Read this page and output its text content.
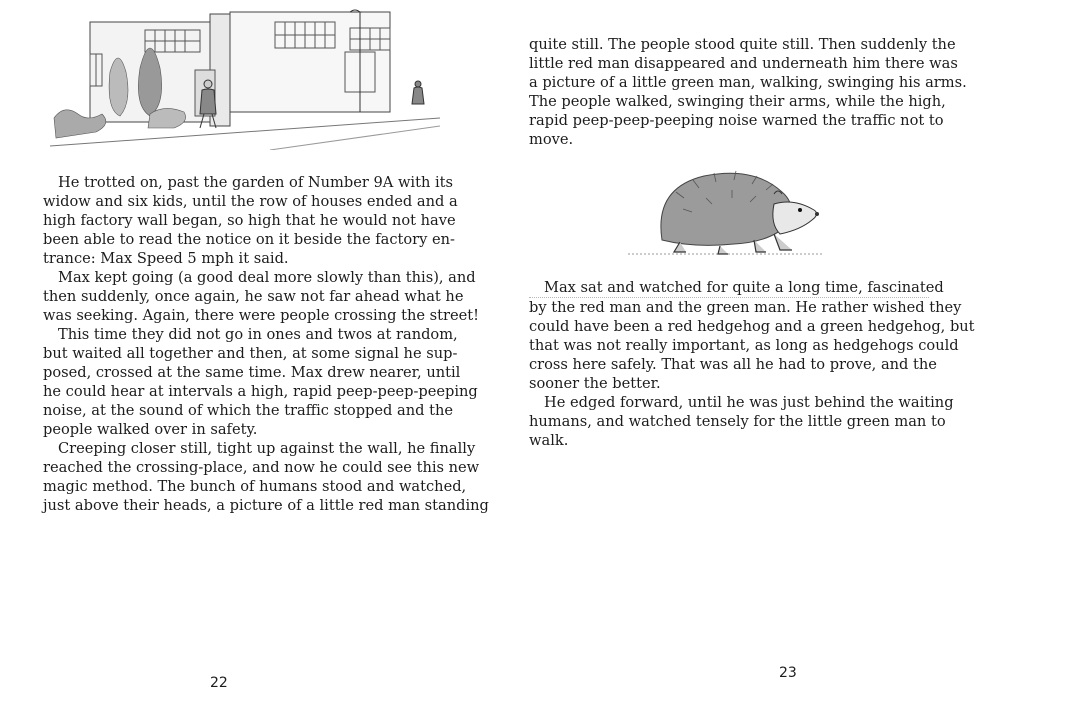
He trotted on, past the garden of Number 9A with its
widow and six kids, until the row of houses ended and a
high factory wall began, so high that he would not have
been able to read the notice on it beside the factory en-
trance: Max Speed 5 mph it said.

Max kept going (a good deal more slowly than this), and
then suddenly, once again, he saw not far ahead what he
was seeking. Again, there were people crossing the street!

This time they did not go in ones and twos at random,
but waited all together and then, at some signal he sup-
posed, crossed at the same time. Max drew nearer, until
he could hear at intervals a high, rapid peep-peep-peeping
noise, at the sound of which the traffic stopped and the
people walked over in safety.

Creeping closer still, tight up against the wall, he finally
reached the crossing-place, and now he could see this new
magic method. The bunch of humans stood and watched,
just above their heads, a picture of a little red man standing

22

quite still. The people stood quite still. Then suddenly the
little red man disappeared and underneath him there was
a picture of a little green man, walking, swinging his arms.
The people walked, swinging their arms, while the high,
rapid peep-peep-peeping noise warned the traffic not to
move.

Max sat and watched for quite a long time, fascinated
by the red man and the green man. He rather wished they
could have been a red hedgehog and a green hedgehog, but
that was not really important, as long as hedgehogs could
cross here safely. That was all he had to prove, and the
sooner the better.

He edged forward, until he was just behind the waiting
humans, and watched tensely for the little green man to
walk.

23
